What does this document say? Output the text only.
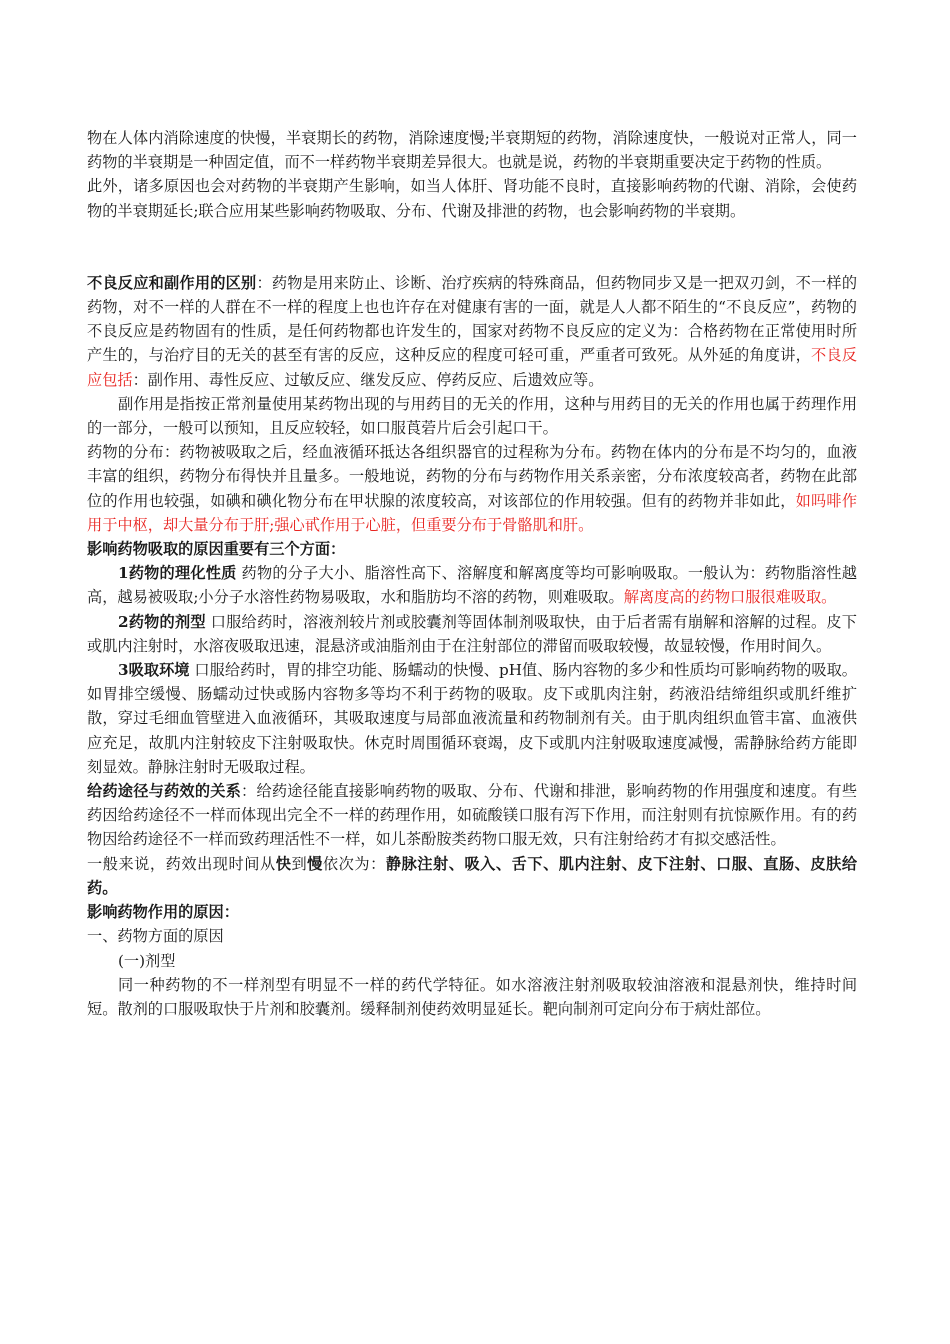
物在人体内消除速度的快慢，半衰期长的药物，消除速度慢;半衰期短的药物，消除速度快，一般说对正常人，同一药物的半衰期是一种固定值，而不一样药物半衰期差异很大。也就是说，药物的半衰期重要决定于药物的性质。

此外，诸多原因也会对药物的半衰期产生影响，如当人体肝、肾功能不良时，直接影响药物的代谢、消除，会使药物的半衰期延长;联合应用某些影响药物吸取、分布、代谢及排泄的药物，也会影响药物的半衰期。

不良反应和副作用的区别：药物是用来防止、诊断、治疗疾病的特殊商品，但药物同步又是一把双刃剑，不一样的药物，对不一样的人群在不一样的程度上也也许存在对健康有害的一面，就是人人都不陌生的“不良反应”，药物的不良反应是药物固有的性质，是任何药物都也许发生的，国家对药物不良反应的定义为：合格药物在正常使用时所产生的，与治疗目的无关的甚至有害的反应，这种反应的程度可轻可重，严重者可致死。从外延的角度讲，不良反应包括：副作用、毒性反应、过敏反应、继发反应、停药反应、后遗效应等。

副作用是指按正常剂量使用某药物出现的与用药目的无关的作用，这种与用药目的无关的作用也属于药理作用的一部分，一般可以预知，且反应较轻，如口服莨菪片后会引起口干。

药物的分布：药物被吸取之后，经血液循环抵达各组织器官的过程称为分布。药物在体内的分布是不均匀的，血液丰富的组织，药物分布得快并且量多。一般地说，药物的分布与药物作用关系亲密，分布浓度较高者，药物在此部位的作用也较强，如碘和碘化物分布在甲状腺的浓度较高，对该部位的作用较强。但有的药物并非如此，如吗啡作用于中枢，却大量分布于肝;强心甙作用于心脏，但重要分布于骨骼肌和肝。

影响药物吸取的原因重要有三个方面：

1药物的理化性质 药物的分子大小、脂溶性高下、溶解度和解离度等均可影响吸取。一般认为：药物脂溶性越高，越易被吸取;小分子水溶性药物易吸取，水和脂肪均不溶的药物，则难吸取。解离度高的药物口服很难吸取。

2药物的剂型 口服给药时，溶液剂较片剂或胶囊剂等固体制剂吸取快，由于后者需有崩解和溶解的过程。皮下或肌内注射时，水溶夜吸取迅速，混悬济或油脂剂由于在注射部位的滞留而吸取较慢，故显较慢，作用时间久。

3吸取环境 口服给药时，胃的排空功能、肠蠕动的快慢、pH值、肠内容物的多少和性质均可影响药物的吸取。如胃排空缓慢、肠蠕动过快或肠内容物多等均不利于药物的吸取。皮下或肌肉注射，药液沿结缔组织或肌纤维扩散，穿过毛细血管壁进入血液循环，其吸取速度与局部血液流量和药物制剂有关。由于肌肉组织血管丰富、血液供应充足，故肌内注射较皮下注射吸取快。休克时周围循环衰竭，皮下或肌内注射吸取速度减慢，需静脉给药方能即刻显效。静脉注射时无吸取过程。

给药途径与药效的关系：给药途径能直接影响药物的吸取、分布、代谢和排泄，影响药物的作用强度和速度。有些药因给药途径不一样而体现出完全不一样的药理作用，如硫酸镁口服有泻下作用，而注射则有抗惊厥作用。有的药物因给药途径不一样而致药理活性不一样，如儿茶酚胺类药物口服无效，只有注射给药才有拟交感活性。

一般来说，药效出现时间从快到慢依次为：静脉注射、吸入、舌下、肌内注射、皮下注射、口服、直肠、皮肤给药。

影响药物作用的原因：

一、药物方面的原因

(一)剂型

同一种药物的不一样剂型有明显不一样的药代学特征。如水溶液注射剂吸取较油溶液和混悬剂快，维持时间短。散剂的口服吸取快于片剂和胶囊剂。缓释制剂使药效明显延长。靶向制剂可定向分布于病灶部位。
